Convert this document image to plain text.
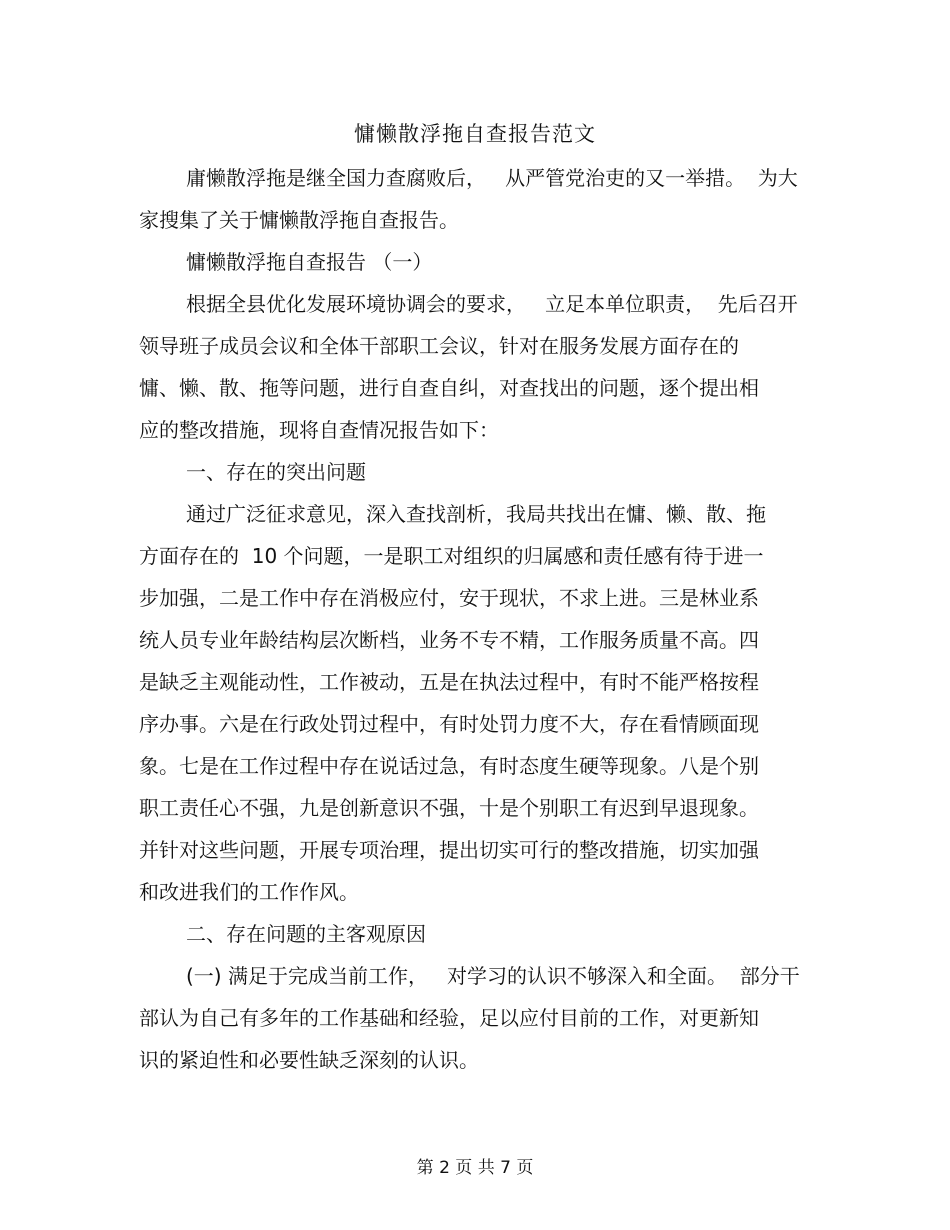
慵懒散浮拖自查报告范文
庸懒散浮拖是继全国力查腐败后，   从严管党治吏的又一举措。  为大
家搜集了关于慵懒散浮拖自查报告。
慵懒散浮拖自查报告 （一）
根据全县优化发展环境协调会的要求，   立足本单位职责，  先后召开
领导班子成员会议和全体干部职工会议，针对在服务发展方面存在的
慵、懒、散、拖等问题，进行自查自纠，对查找出的问题，逐个提出相
应的整改措施，现将自查情况报告如下：
一、存在的突出问题
通过广泛征求意见，深入查找剖析，我局共找出在慵、懒、散、拖
方面存在的  10 个问题，一是职工对组织的归属感和责任感有待于进一
步加强，二是工作中存在消极应付，安于现状，不求上进。三是林业系
统人员专业年龄结构层次断档，业务不专不精，工作服务质量不高。四
是缺乏主观能动性，工作被动，五是在执法过程中，有时不能严格按程
序办事。六是在行政处罚过程中，有时处罚力度不大，存在看情顾面现
象。七是在工作过程中存在说话过急，有时态度生硬等现象。八是个别
职工责任心不强，九是创新意识不强，十是个别职工有迟到早退现象。
并针对这些问题，开展专项治理，提出切实可行的整改措施，切实加强
和改进我们的工作作风。
二、存在问题的主客观原因
(一) 满足于完成当前工作，   对学习的认识不够深入和全面。  部分干
部认为自己有多年的工作基础和经验，足以应付目前的工作，对更新知
识的紧迫性和必要性缺乏深刻的认识。
第 2 页 共 7 页
